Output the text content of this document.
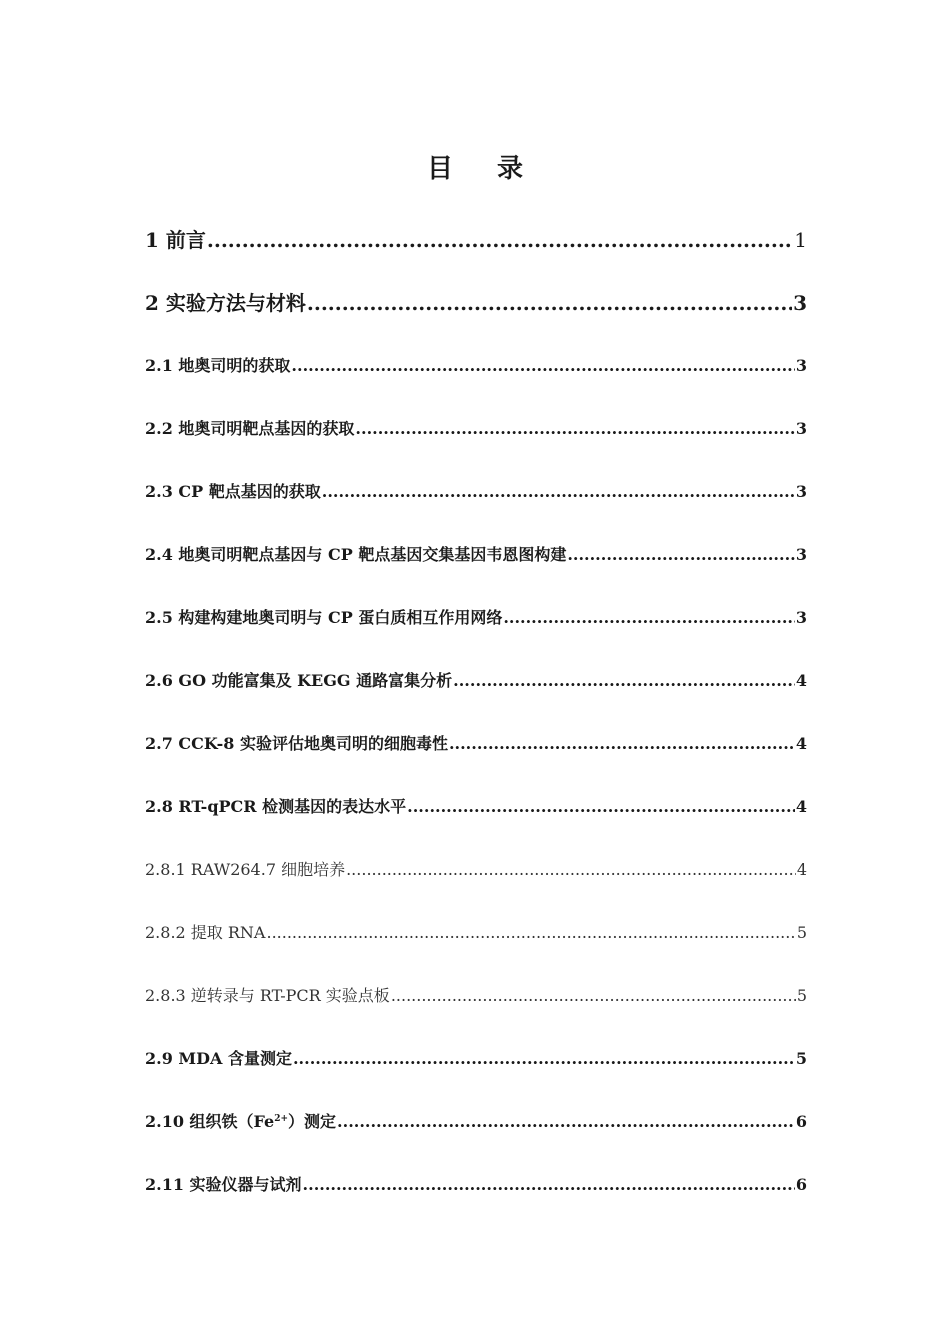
目 录
1 前言 .....	1
2 实验方法与材料 .....	3
2.1 地奥司明的获取 .....	3
2.2 地奥司明靶点基因的获取 .....	3
2.3 CP 靶点基因的获取 .....	3
2.4 地奥司明靶点基因与 CP 靶点基因交集基因韦恩图构建 .....	3
2.5 构建构建地奥司明与 CP 蛋白质相互作用网络 .....	3
2.6 GO 功能富集及 KEGG 通路富集分析 .....	4
2.7 CCK-8 实验评估地奥司明的细胞毒性 .....	4
2.8 RT-qPCR 检测基因的表达水平 .....	4
2.8.1 RAW264.7 细胞培养 .....	4
2.8.2 提取 RNA .....	5
2.8.3 逆转录与 RT-PCR 实验点板 .....	5
2.9 MDA 含量测定 .....	5
2.10 组织铁$(Fe^{2+})$测定 .....	6
2.11 实验仪器与试剂 .....	6
